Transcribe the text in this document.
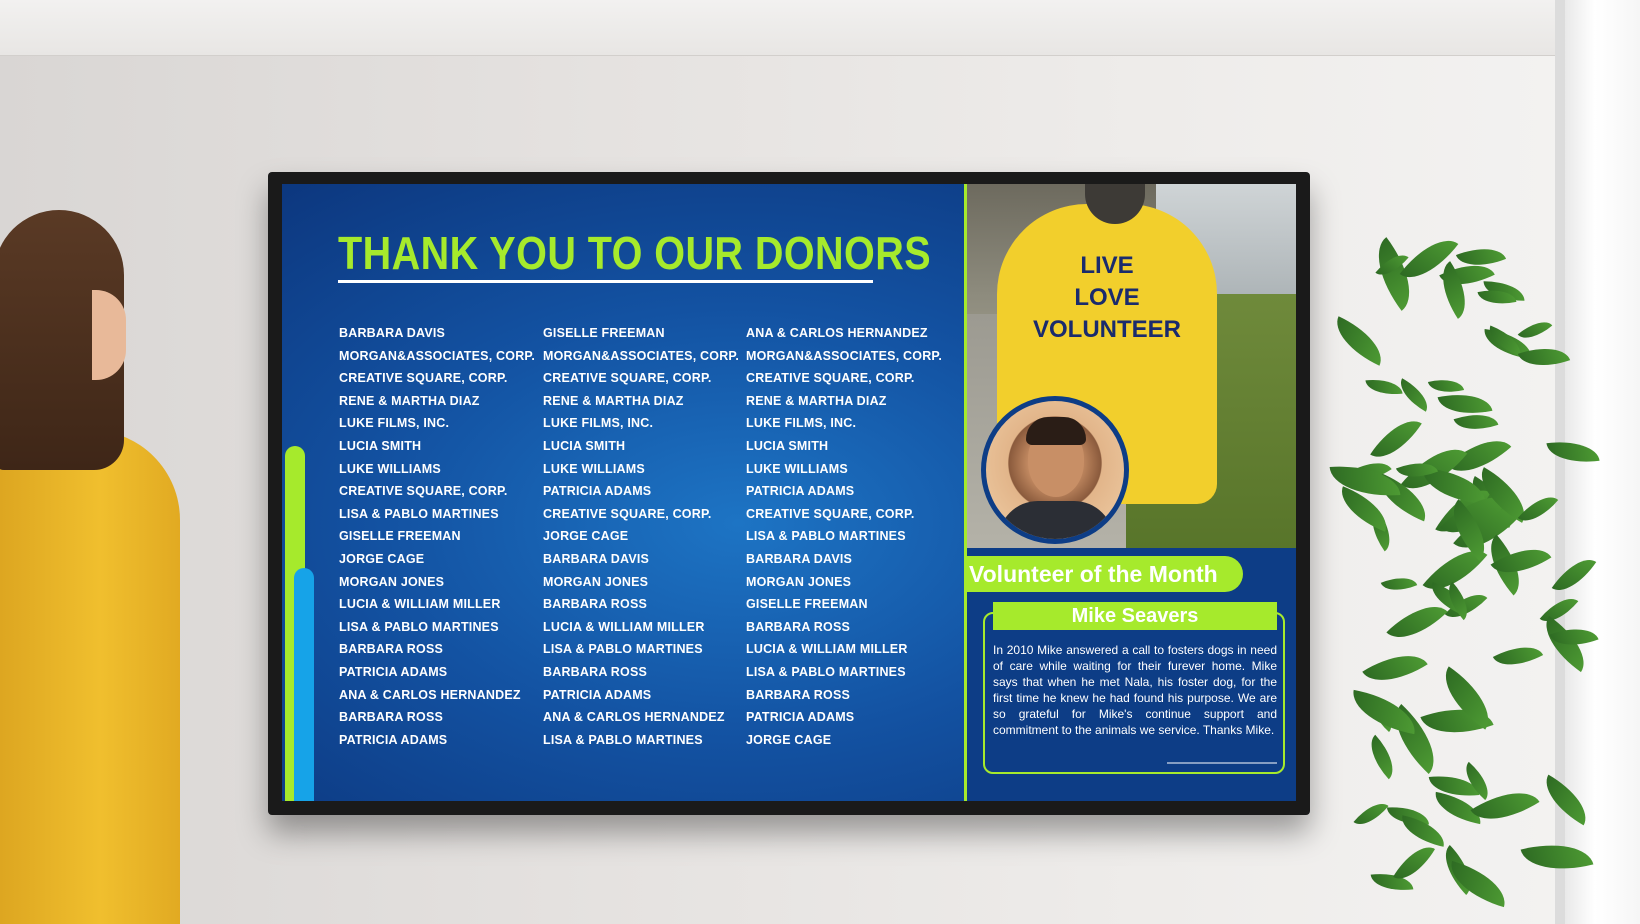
THANK YOU TO OUR DONORS
BARBARA DAVIS
MORGAN&ASSOCIATES, CORP.
CREATIVE SQUARE, CORP.
RENE & MARTHA DIAZ
LUKE FILMS, INC.
LUCIA SMITH
LUKE WILLIAMS
CREATIVE SQUARE, CORP.
LISA & PABLO MARTINES
GISELLE FREEMAN
JORGE CAGE
MORGAN JONES
LUCIA & WILLIAM MILLER
LISA & PABLO MARTINES
BARBARA ROSS
PATRICIA ADAMS
ANA & CARLOS HERNANDEZ
BARBARA ROSS
PATRICIA ADAMS
GISELLE FREEMAN
MORGAN&ASSOCIATES, CORP.
CREATIVE SQUARE, CORP.
RENE & MARTHA DIAZ
LUKE FILMS, INC.
LUCIA SMITH
LUKE WILLIAMS
PATRICIA ADAMS
CREATIVE SQUARE, CORP.
JORGE CAGE
BARBARA DAVIS
MORGAN JONES
BARBARA ROSS
LUCIA & WILLIAM MILLER
LISA & PABLO MARTINES
BARBARA ROSS
PATRICIA ADAMS
ANA & CARLOS HERNANDEZ
LISA & PABLO MARTINES
ANA & CARLOS HERNANDEZ
MORGAN&ASSOCIATES, CORP.
CREATIVE SQUARE, CORP.
RENE & MARTHA DIAZ
LUKE FILMS, INC.
LUCIA SMITH
LUKE WILLIAMS
PATRICIA ADAMS
CREATIVE SQUARE, CORP.
LISA & PABLO MARTINES
BARBARA DAVIS
MORGAN JONES
GISELLE FREEMAN
BARBARA ROSS
LUCIA & WILLIAM MILLER
LISA & PABLO MARTINES
BARBARA ROSS
PATRICIA ADAMS
JORGE CAGE
LIVE
LOVE
VOLUNTEER
Volunteer of the Month
Mike Seavers

In 2010 Mike answered a call to fosters dogs in need of care while waiting for their furever home. Mike says that when he met Nala, his foster dog, for the first time he knew he had found his purpose. We are so grateful for Mike's continue support and commitment to the animals we service. Thanks Mike.
